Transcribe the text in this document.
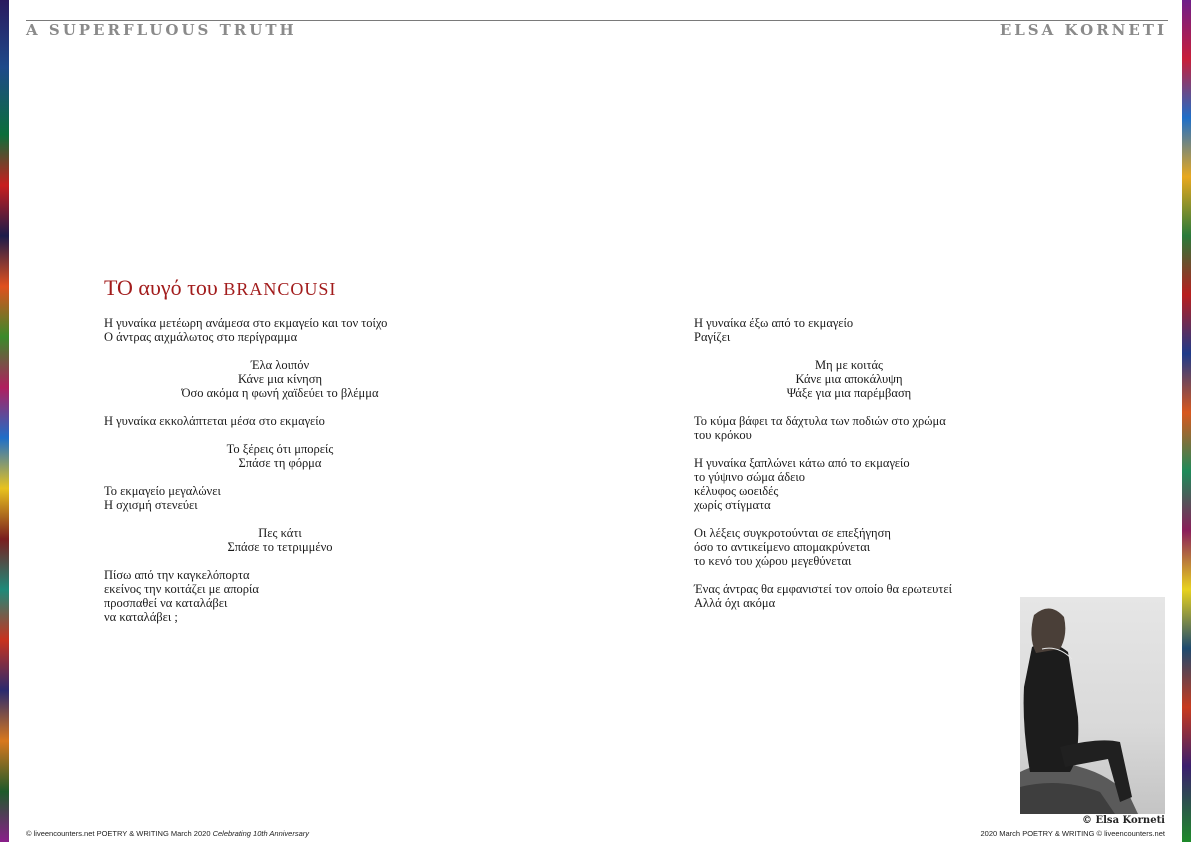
A SUPERFLUOUS TRUTH	ELSA KORNETI
ΤΟ αυγό του BRANCOUSI
Η γυναίκα μετέωρη ανάμεσα στο εκμαγείο και τον τοίχο
Ο άντρας αιχμάλωτος στο περίγραμμα
Έλα λοιπόν
Κάνε μια κίνηση
Όσο ακόμα η φωνή χαϊδεύει το βλέμμα
Η γυναίκα εκκολάπτεται μέσα στο εκμαγείο
Το ξέρεις ότι μπορείς
Σπάσε τη φόρμα
Το εκμαγείο μεγαλώνει
Η σχισμή στενεύει
Πες κάτι
Σπάσε το τετριμμένο
Πίσω από την καγκελόπορτα
εκείνος την κοιτάζει με απορία
προσπαθεί να καταλάβει
να καταλάβει ;
Η γυναίκα έξω από το εκμαγείο
Ραγίζει
Μη με κοιτάς
Κάνε μια αποκάλυψη
Ψάξε για μια παρέμβαση
Το κύμα βάφει τα δάχτυλα των ποδιών στο χρώμα
του κρόκου
Η γυναίκα ξαπλώνει κάτω από το εκμαγείο
το γύψινο σώμα άδειο
κέλυφος ωοειδές
χωρίς στίγματα
Οι λέξεις συγκροτούνται σε επεξήγηση
όσο το αντικείμενο απομακρύνεται
το κενό του χώρου μεγεθύνεται
Ένας άντρας θα εμφανιστεί τον οποίο θα ερωτευτεί
Αλλά όχι ακόμα
© Elsa Korneti
© liveencounters.net POETRY & WRITING March 2020 Celebrating 10th Anniversary	2020 March POETRY & WRITING © liveencounters.net
